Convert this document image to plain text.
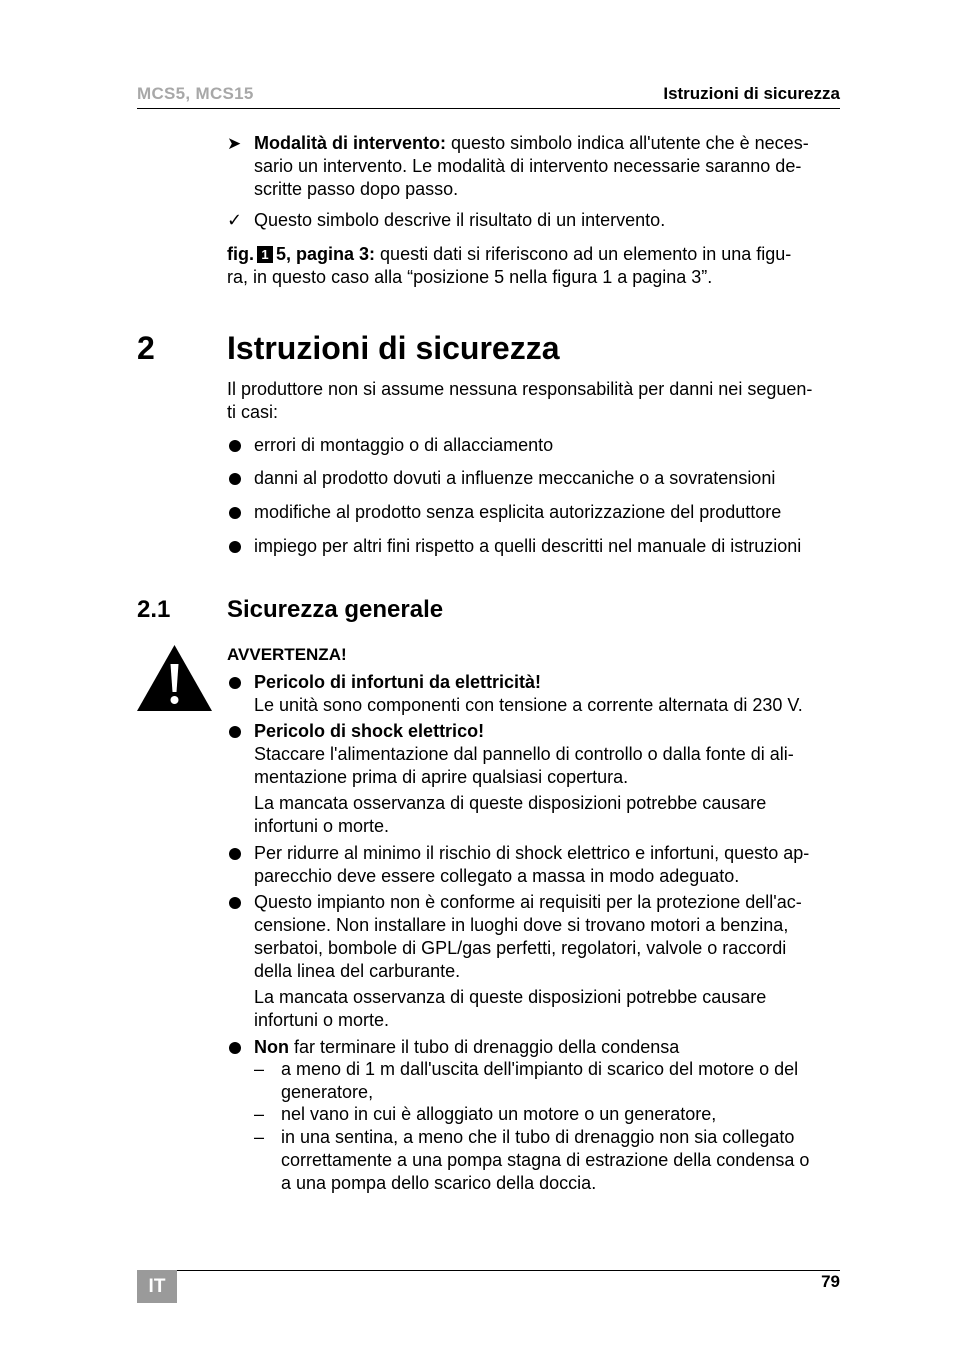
MCS5, MCS15	Istruzioni di sicurezza
➤ Modalità di intervento: questo simbolo indica all'utente che è neces-
sario un intervento. Le modalità di intervento necessarie saranno de-
scritte passo dopo passo.
✓ Questo simbolo descrive il risultato di un intervento.
fig. 1 5, pagina 3: questi dati si riferiscono ad un elemento in una figu-
ra, in questo caso alla “posizione 5 nella figura 1 a pagina 3”.
2 Istruzioni di sicurezza
Il produttore non si assume nessuna responsabilità per danni nei seguen-
ti casi:
errori di montaggio o di allacciamento
danni al prodotto dovuti a influenze meccaniche o a sovratensioni
modifiche al prodotto senza esplicita autorizzazione del produttore
impiego per altri fini rispetto a quelli descritti nel manuale di istruzioni
2.1 Sicurezza generale
AVVERTENZA!
Pericolo di infortuni da elettricità!
Le unità sono componenti con tensione a corrente alternata di 230 V.
Pericolo di shock elettrico!
Staccare l'alimentazione dal pannello di controllo o dalla fonte di ali-
mentazione prima di aprire qualsiasi copertura.
La mancata osservanza di queste disposizioni potrebbe causare
infortuni o morte.
Per ridurre al minimo il rischio di shock elettrico e infortuni, questo ap-
parecchio deve essere collegato a massa in modo adeguato.
Questo impianto non è conforme ai requisiti per la protezione dell'ac-
censione. Non installare in luoghi dove si trovano motori a benzina,
serbatoi, bombole di GPL/gas perfetti, regolatori, valvole o raccordi
della linea del carburante.
La mancata osservanza di queste disposizioni potrebbe causare
infortuni o morte.
Non far terminare il tubo di drenaggio della condensa
– a meno di 1 m dall'uscita dell'impianto di scarico del motore o del
generatore,
– nel vano in cui è alloggiato un motore o un generatore,
– in una sentina, a meno che il tubo di drenaggio non sia collegato
correttamente a una pompa stagna di estrazione della condensa o
a una pompa dello scarico della doccia.
IT	79
